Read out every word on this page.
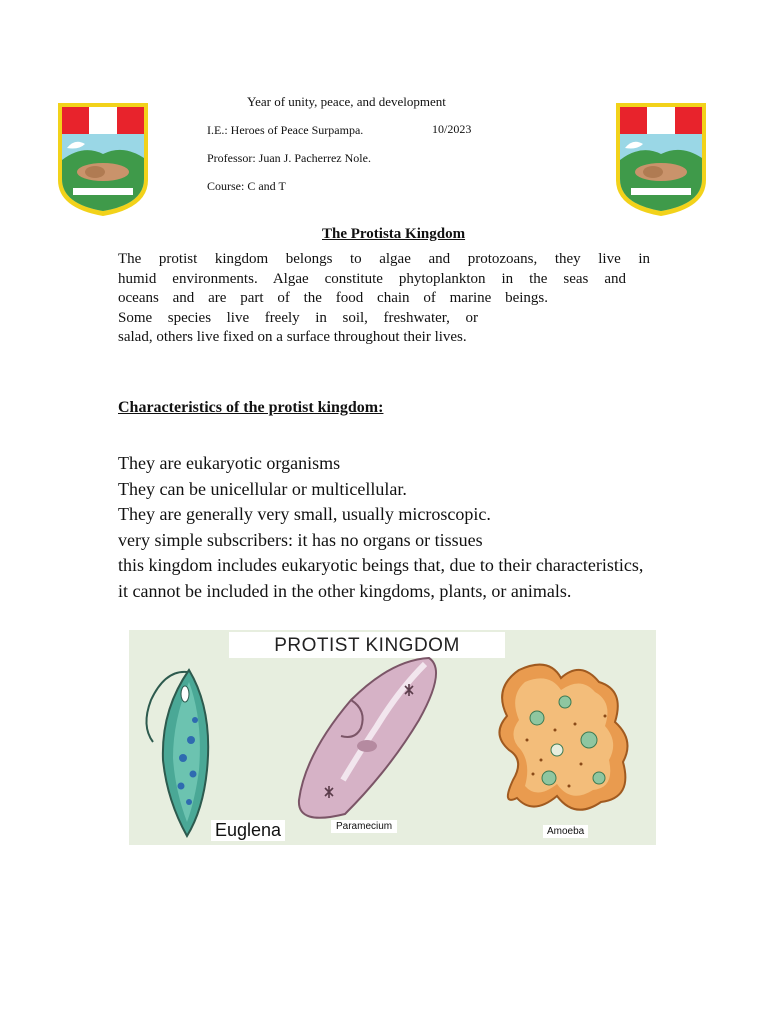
Year of unity, peace, and development
I.E.: Heroes of Peace Surpampa.	10/2023
Professor: Juan J. Pacherrez Nole.
Course: C and T
The Protista Kingdom
The protist kingdom belongs to algae and protozoans, they live in
humid environments. Algae constitute phytoplankton in the seas and
oceans and are part of the food chain of marine beings.
Some species live freely in soil, freshwater, or
salad, others live fixed on a surface throughout their lives.
Characteristics of the protist kingdom:
They are eukaryotic organisms
They can be unicellular or multicellular.
They are generally very small, usually microscopic.
very simple subscribers: it has no organs or tissues
this kingdom includes eukaryotic beings that, due to their characteristics,
it cannot be included in the other kingdoms, plants, or animals.
PROTIST KINGDOM
Euglena	Paramecium	Amoeba
